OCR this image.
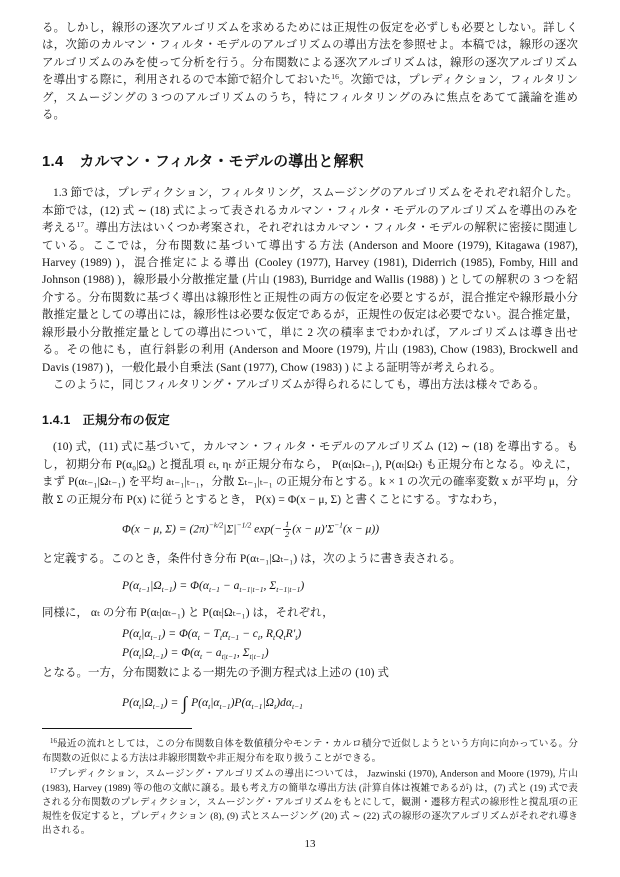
る。しかし，線形の逐次アルゴリズムを求めるためには正規性の仮定を必ずしも必要としない。詳しくは，次節のカルマン・フィルタ・モデルのアルゴリズムの導出方法を参照せよ。本稿では，線形の逐次アルゴリズムのみを使って分析を行う。分布関数による逐次アルゴリズムは，線形の逐次アルゴリズムを導出する際に，利用されるので本節で紹介しておいた$^{16}$。次節では，プレディクション，フィルタリング，スムージングの 3 つのアルゴリズムのうち，特にフィルタリングのみに焦点をあてて議論を進める。

1.4 カルマン・フィルタ・モデルの導出と解釈

1.3 節では，プレディクション，フィルタリング，スムージングのアルゴリズムをそれぞれ紹介した。本節では，(12) 式 ∼ (18) 式によって表されるカルマン・フィルタ・モデルのアルゴリズムを導出のみを考える$^{17}$。導出方法はいくつか考案され，それぞれはカルマン・フィルタ・モデルの解釈に密接に関連している。ここでは，分布関数に基づいて導出する方法 (Anderson and Moore (1979), Kitagawa (1987), Harvey (1989) )，混合推定による導出 (Cooley (1977), Harvey (1981), Diderrich (1985), Fomby, Hill and Johnson (1988) )，線形最小分散推定量 (片山 (1983), Burridge and Wallis (1988) ) としての解釈の 3 つを紹介する。分布関数に基づく導出は線形性と正規性の両方の仮定を必要とするが，混合推定や線形最小分散推定量としての導出には，線形性は必要な仮定であるが，正規性の仮定は必要でない。混合推定量，線形最小分散推定量としての導出について，単に 2 次の積率までわかれば，アルゴリズムは導き出せる。その他にも，直行斜影の利用 (Anderson and Moore (1979), 片山 (1983), Chow (1983), Brockwell and Davis (1987) )，一般化最小自乗法 (Sant (1977), Chow (1983) ) による証明等が考えられる。

このように，同じフィルタリング・アルゴリズムが得られるにしても，導出方法は様々である。

1.4.1 正規分布の仮定

(10) 式，(11) 式に基づいて，カルマン・フィルタ・モデルのアルゴリズム (12) ∼ (18) を導出する。もし，初期分布 P(α₀|Ω₀) と撹乱項 εₜ, ηₜ が正規分布なら， P(αₜ|Ωₜ₋₁), P(αₜ|Ωₜ) も正規分布となる。ゆえに，まず P(αₜ₋₁|Ωₜ₋₁) を平均 aₜ₋₁|ₜ₋₁，分散 Σₜ₋₁|ₜ₋₁ の正規分布とする。k × 1 の次元の確率変数 x が平均 μ，分散 Σ の正規分布 P(x) に従うとするとき， P(x) = Φ(x − μ, Σ) と書くことにする。すなわち，

Φ(x − μ, $\Sigma) = (2\pi)^{-k/2}|\Sigma|^{-1/2}$ $\exp(- \frac{1}{2} (x - \mu)'\Sigma^{-1}(x - \mu))$

と定義する。このとき，条件付き分布 P(αₜ₋₁|Ωₜ₋₁) は，次のように書き表される。

$P(\alpha_{t-1}|\Omega_{t-1}) = \Phi(\alpha_{t-1} - a_{t-1|t-1}$, $\Sigma_{t-1|t-1}$)

同様に， αₜ の分布 P(αₜ|αₜ₋₁) と P(αₜ|Ωₜ₋₁) は，それぞれ，

$P(\alpha_t|\alpha_{t-1}) = \Phi(\alpha_t - T_t\alpha_{t-1} - c_t$, $R_tQ_tR'_t$)
$P(\alpha_t|\Omega_{t-1}) = \Phi(\alpha_t - a_{t|t-1}$, $\Sigma_{t|t-1}$)

となる。一方，分布関数による一期先の予測方程式は上述の (10) 式

$P(\alpha_t|\Omega_{t-1})$ = ∫ $P(\alpha_t|\alpha_{t-1})P(\alpha_{t-1}|\Omega_t)d\alpha_{t-1}$

$^{16}$最近の流れとしては，この分布関数自体を数値積分やモンテ・カルロ積分で近似しようという方向に向かっている。分布関数の近似による方法は非線形関数や非正規分布を取り扱うことができる。

$^{17}$プレディクション，スムージング・アルゴリズムの導出については， Jazwinski (1970), Anderson and Moore (1979), 片山 (1983), Harvey (1989) 等の他の文献に譲る。最も考え方の簡単な導出方法 (計算自体は複雑であるが) は，(7) 式と (19) 式で表される分布関数のプレディクション，スムージング・アルゴリズムをもとにして，観測・遷移方程式の線形性と撹乱項の正規性を仮定すると，プレディクション (8), (9) 式とスムージング (20) 式 ∼ (22) 式の線形の逐次アルゴリズムがそれぞれ導き出される。

13
